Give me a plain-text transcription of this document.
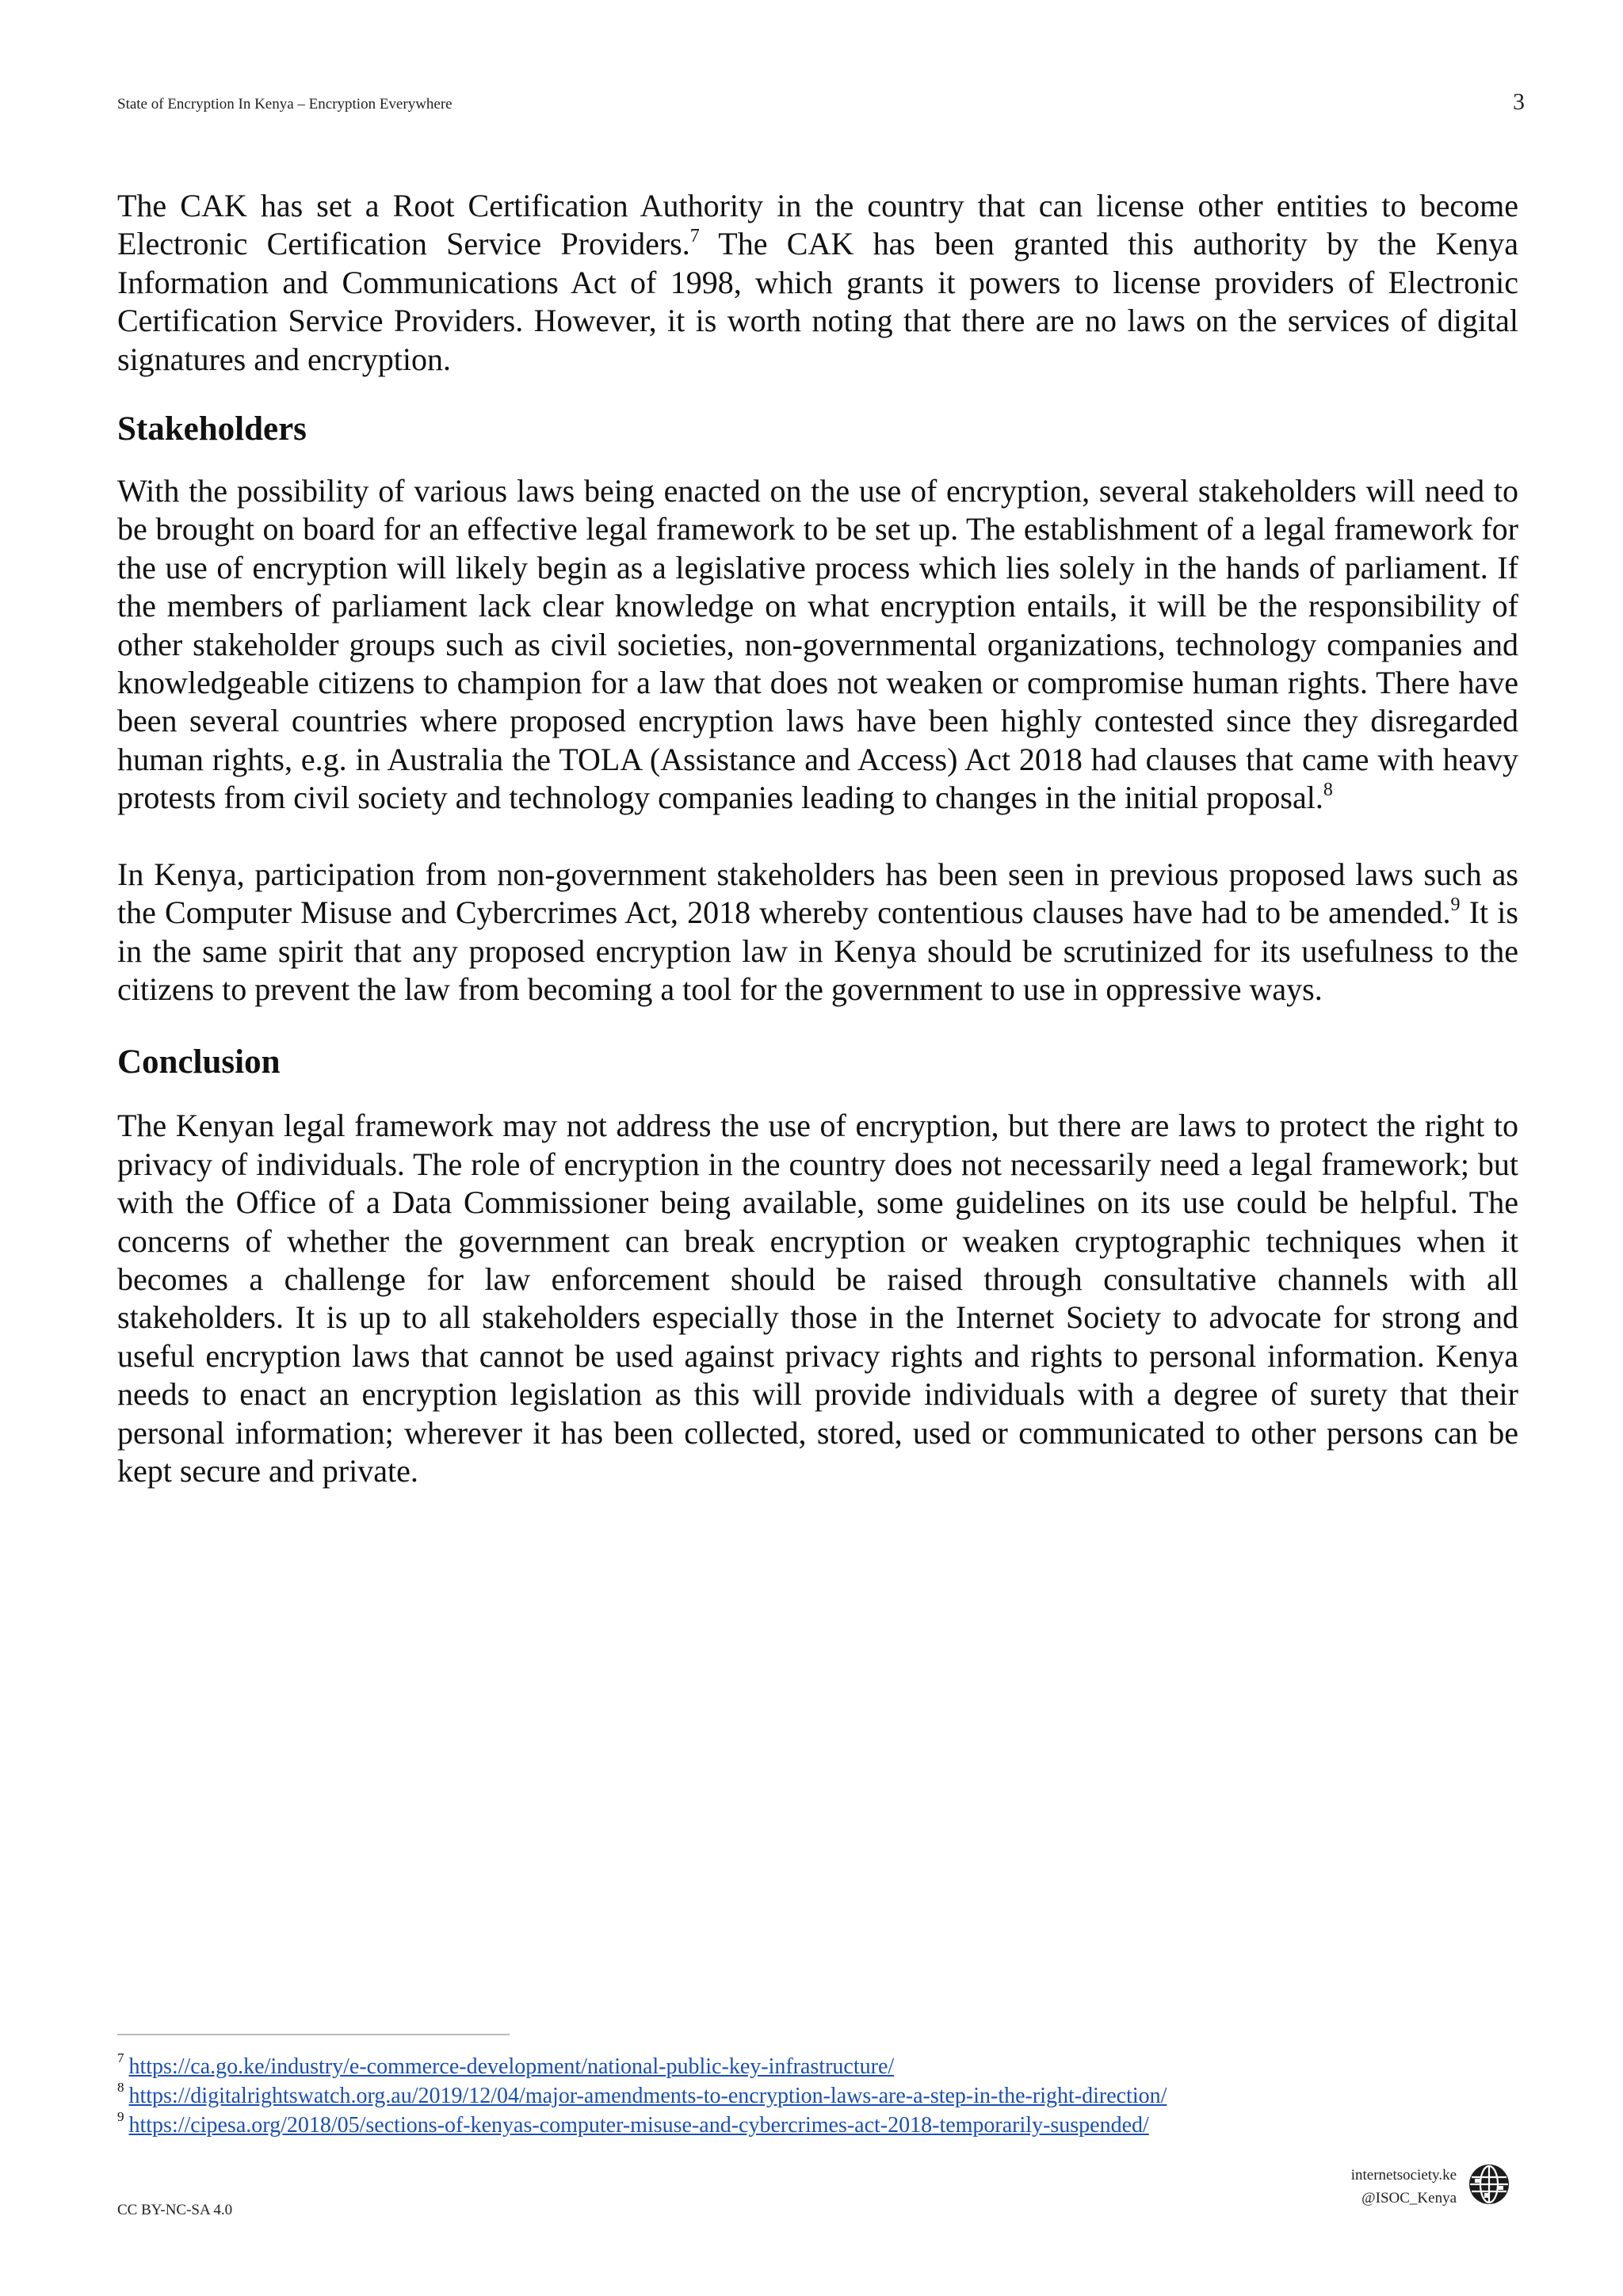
State of Encryption In Kenya – Encryption Everywhere	3

The CAK has set a Root Certification Authority in the country that can license other entities to become Electronic Certification Service Providers.$^7$ The CAK has been granted this authority by the Kenya Information and Communications Act of 1998, which grants it powers to license providers of Electronic Certification Service Providers. However, it is worth noting that there are no laws on the services of digital signatures and encryption.

Stakeholders

With the possibility of various laws being enacted on the use of encryption, several stakeholders will need to be brought on board for an effective legal framework to be set up. The establishment of a legal framework for the use of encryption will likely begin as a legislative process which lies solely in the hands of parliament. If the members of parliament lack clear knowledge on what encryption entails, it will be the responsibility of other stakeholder groups such as civil societies, non-governmental organizations, technology companies and knowledgeable citizens to champion for a law that does not weaken or compromise human rights. There have been several countries where proposed encryption laws have been highly contested since they disregarded human rights, e.g. in Australia the TOLA (Assistance and Access) Act 2018 had clauses that came with heavy protests from civil society and technology companies leading to changes in the initial proposal.$^8$

In Kenya, participation from non-government stakeholders has been seen in previous proposed laws such as the Computer Misuse and Cybercrimes Act, 2018 whereby contentious clauses have had to be amended.$^9$ It is in the same spirit that any proposed encryption law in Kenya should be scrutinized for its usefulness to the citizens to prevent the law from becoming a tool for the government to use in oppressive ways.

Conclusion

The Kenyan legal framework may not address the use of encryption, but there are laws to protect the right to privacy of individuals. The role of encryption in the country does not necessarily need a legal framework; but with the Office of a Data Commissioner being available, some guidelines on its use could be helpful. The concerns of whether the government can break encryption or weaken cryptographic techniques when it becomes a challenge for law enforcement should be raised through consultative channels with all stakeholders. It is up to all stakeholders especially those in the Internet Society to advocate for strong and useful encryption laws that cannot be used against privacy rights and rights to personal information. Kenya needs to enact an encryption legislation as this will provide individuals with a degree of surety that their personal information; wherever it has been collected, stored, used or communicated to other persons can be kept secure and private.

$^7$ https://ca.go.ke/industry/e-commerce-development/national-public-key-infrastructure/
$^8$ https://digitalrightswatch.org.au/2019/12/04/major-amendments-to-encryption-laws-are-a-step-in-the-right-direction/
$^9$ https://cipesa.org/2018/05/sections-of-kenyas-computer-misuse-and-cybercrimes-act-2018-temporarily-suspended/
CC BY-NC-SA 4.0
internetsociety.ke
@ISOC_Kenya
